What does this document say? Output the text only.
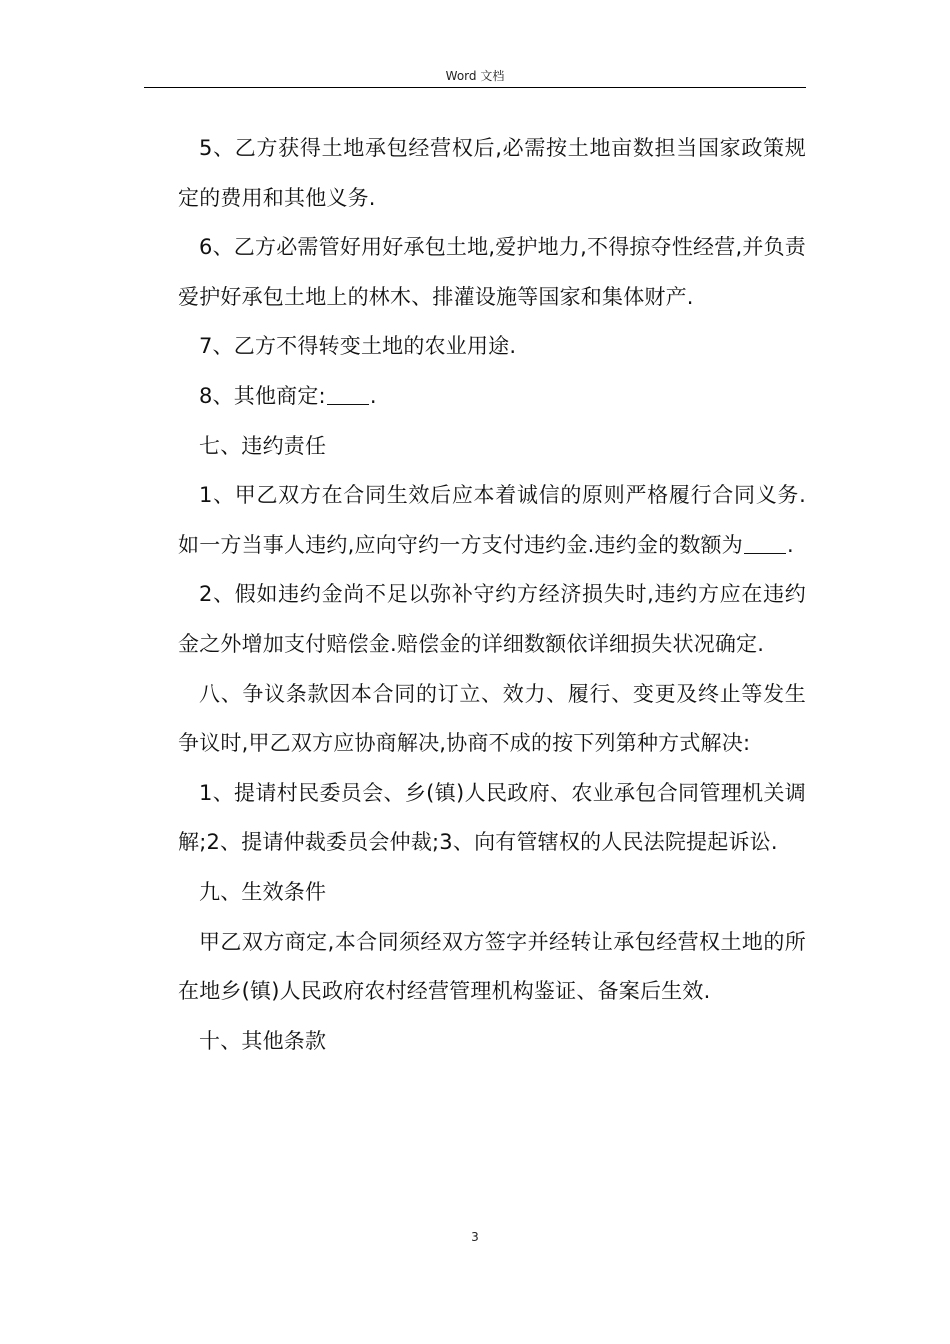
Word 文档

5、乙方获得土地承包经营权后,必需按土地亩数担当国家政策规定的费用和其他义务.

6、乙方必需管好用好承包土地,爱护地力,不得掠夺性经营,并负责爱护好承包土地上的林木、排灌设施等国家和集体财产.

7、乙方不得转变土地的农业用途.

8、其他商定: .

七、违约责任

1、甲乙双方在合同生效后应本着诚信的原则严格履行合同义务.如一方当事人违约,应向守约一方支付违约金.违约金的数额为 .

2、假如违约金尚不足以弥补守约方经济损失时,违约方应在违约金之外增加支付赔偿金.赔偿金的详细数额依详细损失状况确定.

八、争议条款因本合同的订立、效力、履行、变更及终止等发生争议时,甲乙双方应协商解决,协商不成的按下列第种方式解决:

1、提请村民委员会、乡(镇)人民政府、农业承包合同管理机关调解;2、提请仲裁委员会仲裁;3、向有管辖权的人民法院提起诉讼.

九、生效条件

甲乙双方商定,本合同须经双方签字并经转让承包经营权土地的所在地乡(镇)人民政府农村经营管理机构鉴证、备案后生效.

十、其他条款

3
